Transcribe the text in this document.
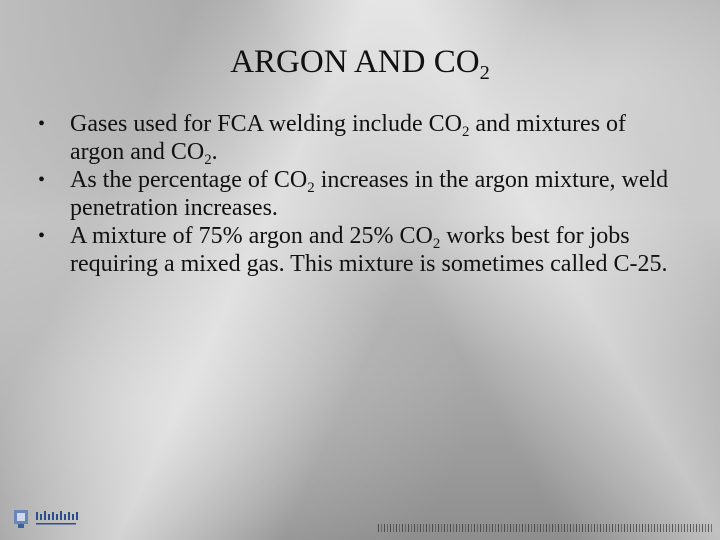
ARGON AND $CO_2$
• Gases used for FCA welding include $CO_2$ and mixtures of argon and $CO_2$.
• As the percentage of $CO_2$ increases in the argon mixture, weld penetration increases.
• A mixture of 75% argon and 25% $CO_2$ works best for jobs requiring a mixed gas. This mixture is sometimes called C-25.
